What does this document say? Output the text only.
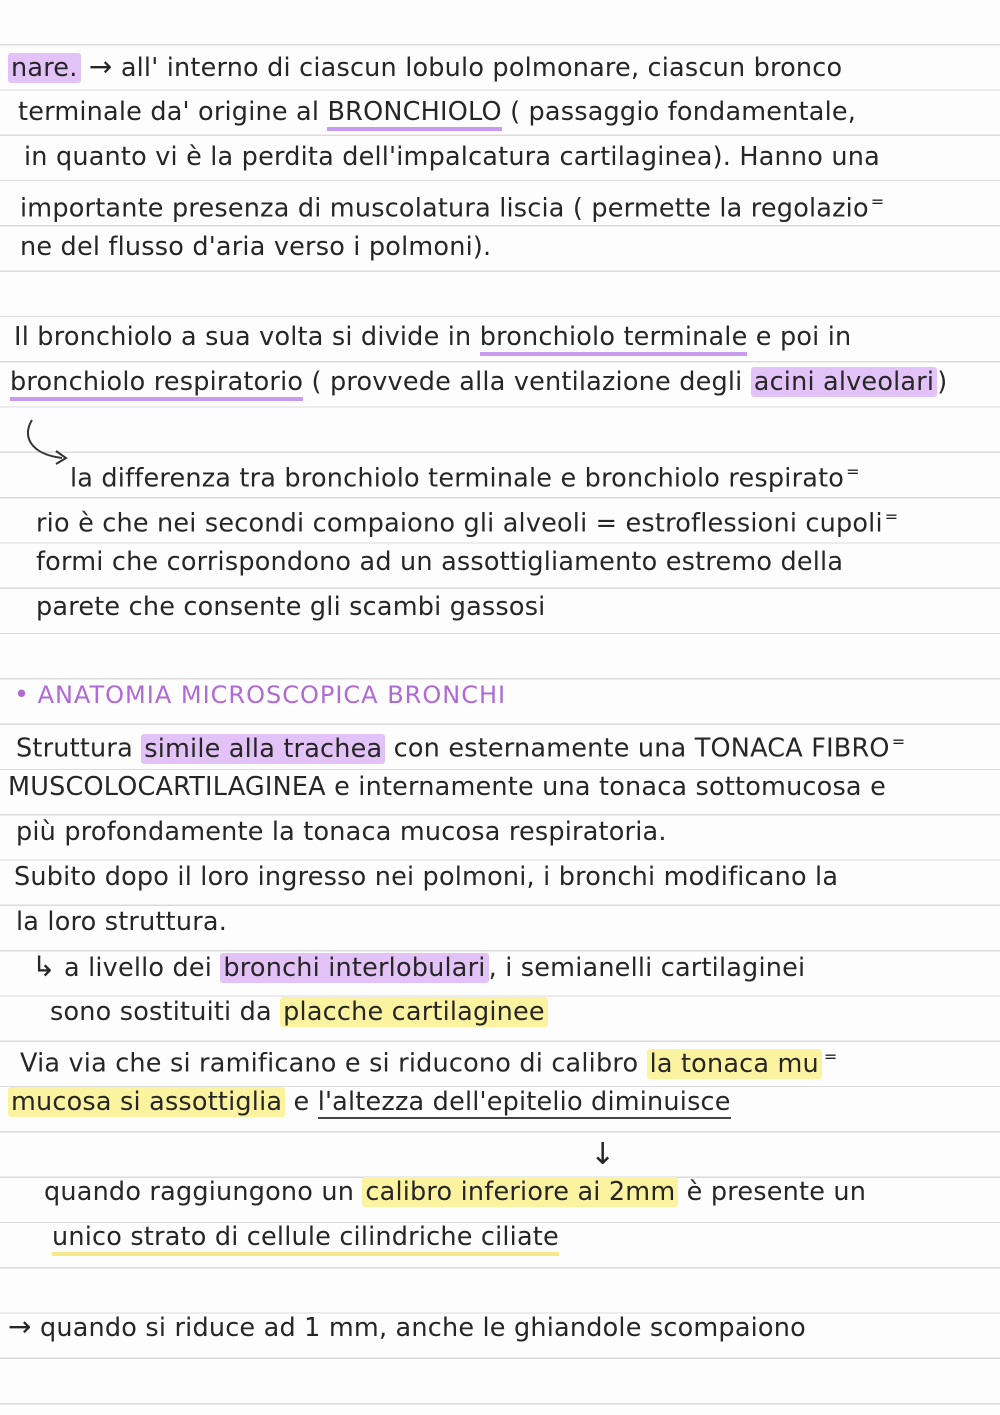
nare. → all' interno di ciascun lobulo polmonare, ciascun bronco
terminale da' origine al BRONCHIOLO ( passaggio fondamentale,
in quanto vi è la perdita dell'impalcatura cartilaginea). Hanno una
importante presenza di muscolatura liscia ( permette la regolazio =
ne del flusso d'aria verso i polmoni).
Il bronchiolo a sua volta si divide in bronchiolo terminale e poi in
bronchiolo respiratorio ( provvede alla ventilazione degli acini alveolari )
la differenza tra bronchiolo terminale e bronchiolo respirato =
rio è che nei secondi compaiono gli alveoli = estroflessioni cupoli =
formi che corrispondono ad un assottigliamento estremo della
parete che consente gli scambi gassosi
• ANATOMIA MICROSCOPICA BRONCHI
Struttura simile alla trachea con esternamente una TONACA FIBRO =
MUSCOLOCARTILAGINEA e internamente una tonaca sottomucosa e
più profondamente la tonaca mucosa respiratoria.
Subito dopo il loro ingresso nei polmoni, i bronchi modificano la
la loro struttura.
↳ a livello dei bronchi interlobulari , i semianelli cartilaginei
sono sostituiti da placche cartilaginee
Via via che si ramificano e si riducono di calibro la tonaca mu =
mucosa si assottiglia e l'altezza dell'epitelio diminuisce
↓
quando raggiungono un calibro inferiore ai 2mm è presente un
unico strato di cellule cilindriche ciliate
→ quando si riduce ad 1 mm, anche le ghiandole scompaiono
